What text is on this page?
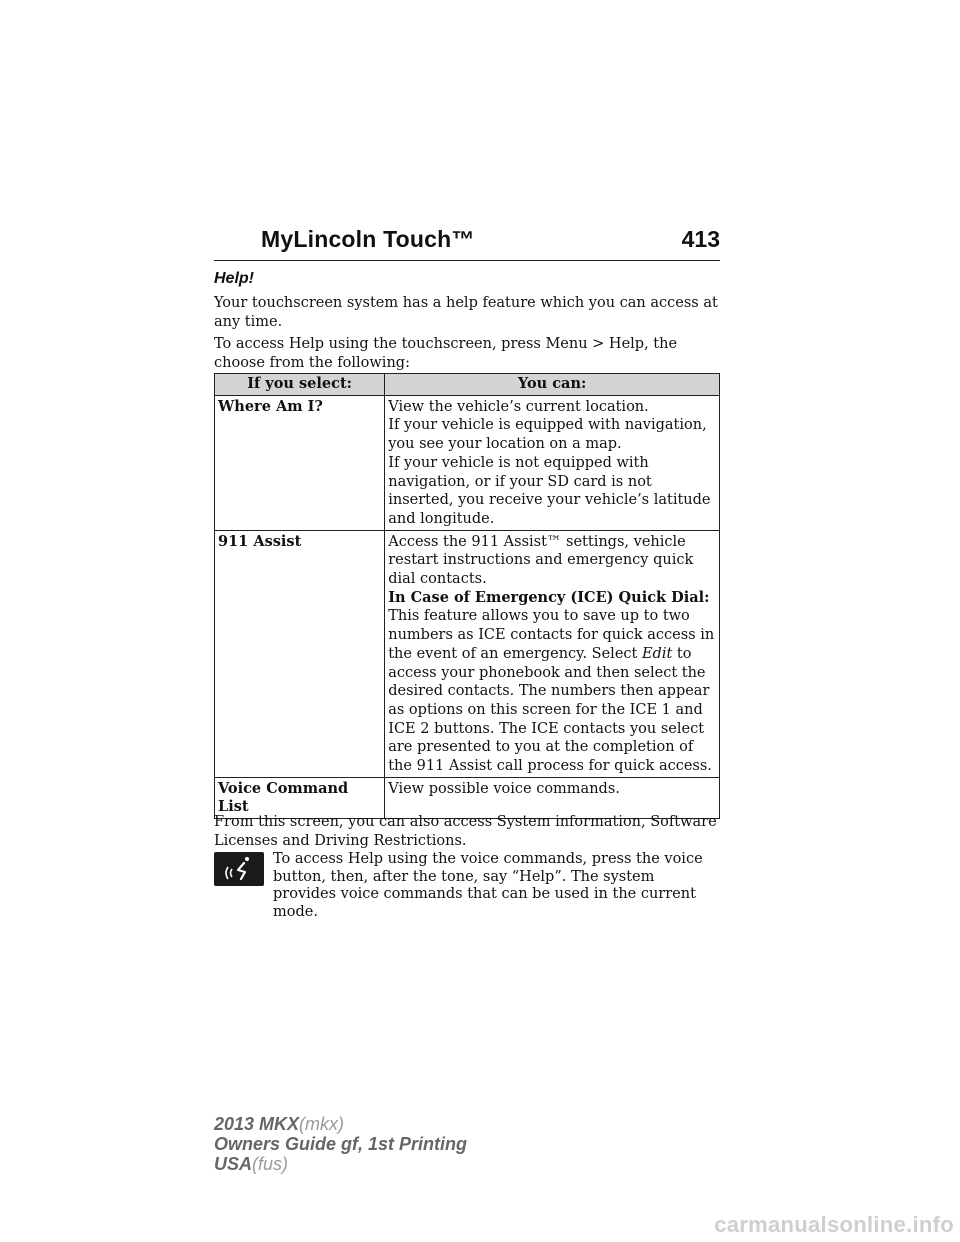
MyLincoln Touch™	413
Help!

Your touchscreen system has a help feature which you can access at any time.

To access Help using the touchscreen, press Menu > Help, the choose from the following:

If you select:	You can:
Where Am I?	View the vehicle’s current location.
If your vehicle is equipped with navigation, you see your location on a map.
If your vehicle is not equipped with navigation, or if your SD card is not inserted, you receive your vehicle’s latitude and longitude.

911 Assist	Access the 911 Assist™ settings, vehicle restart instructions and emergency quick dial contacts.
In Case of Emergency (ICE) Quick Dial:
This feature allows you to save up to two numbers as ICE contacts for quick access in the event of an emergency. Select Edit to access your phonebook and then select the desired contacts. The numbers then appear as options on this screen for the ICE 1 and ICE 2 buttons. The ICE contacts you select are presented to you at the completion of the 911 Assist call process for quick access.

Voice Command List	View possible voice commands.

From this screen, you can also access System information, Software Licenses and Driving Restrictions.

To access Help using the voice commands, press the voice button, then, after the tone, say “Help”. The system provides voice commands that can be used in the current mode.

2013 MKX(mkx)
Owners Guide gf, 1st Printing
USA(fus)
carmanualsonline.info
